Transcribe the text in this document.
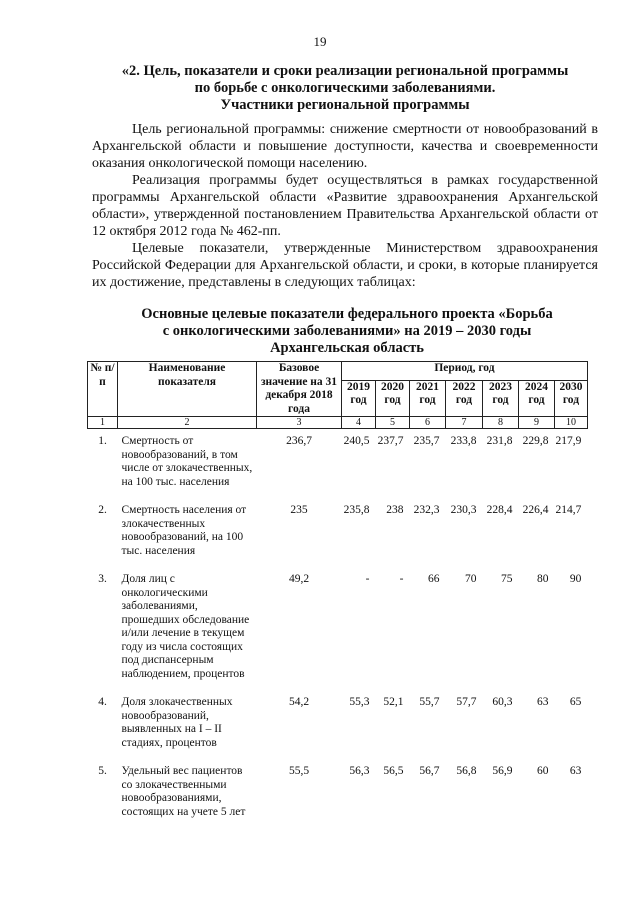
19
«2. Цель, показатели и сроки реализации региональной программы
по борьбе с онкологическими заболеваниями.
Участники региональной программы

Цель региональной программы: снижение смертности от новообразований в Архангельской области и повышение доступности, качества и своевременности оказания онкологической помощи населению.

Реализация программы будет осуществляться в рамках государственной программы Архангельской области «Развитие здравоохранения Архангельской области», утвержденной постановлением Правительства Архангельской области от 12 октября 2012 года № 462-пп.

Целевые показатели, утвержденные Министерством здравоохранения Российской Федерации для Архангельской области, и сроки, в которые планируется их достижение, представлены в следующих таблицах:

Основные целевые показатели федерального проекта «Борьба
с онкологическими заболеваниями» на 2019 – 2030 годы
Архангельская область
№ п/п	Наименование показателя	Базовое значение на 31 декабря 2018 года	Период, год						
			2019 год	2020 год	2021 год	2022 год	2023 год	2024 год	2030 год
1	2	3	4	5	6	7	8	9	10
1.	Смертность от новообразований, в том числе от злокачественных, на 100 тыс. населения	236,7	240,5	237,7	235,7	233,8	231,8	229,8	217,9
2.	Смертность населения от злокачественных новообразований, на 100 тыс. населения	235	235,8	238	232,3	230,3	228,4	226,4	214,7
3.	Доля лиц с онкологическими заболеваниями, прошедших обследование и/или лечение в текущем году из числа состоящих под диспансерным наблюдением, процентов	49,2	-	-	66	70	75	80	90
4.	Доля злокачественных новообразований, выявленных на I – II стадиях, процентов	54,2	55,3	52,1	55,7	57,7	60,3	63	65
5.	Удельный вес пациентов со злокачественными новообразованиями, состоящих на учете 5 лет	55,5	56,3	56,5	56,7	56,8	56,9	60	63
